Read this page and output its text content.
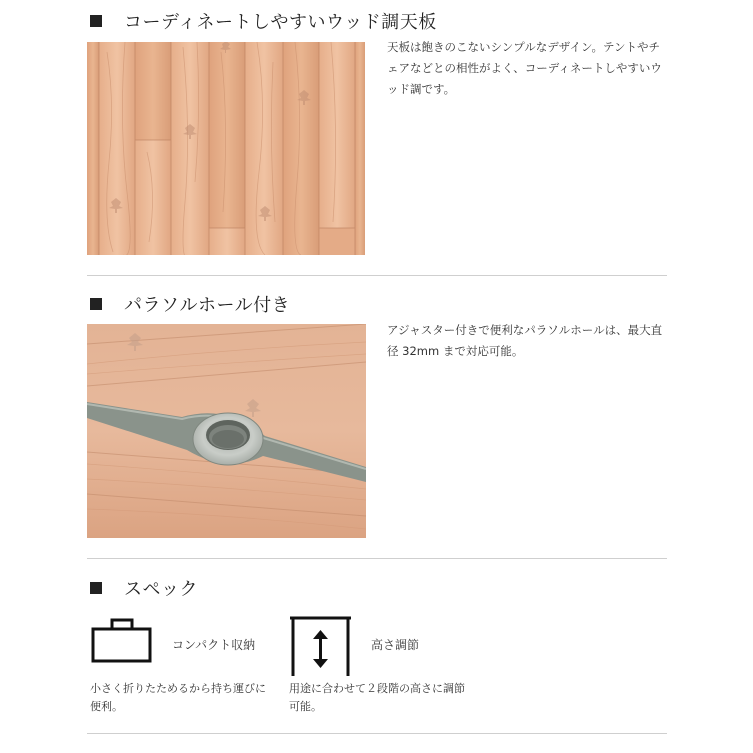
コーディネートしやすいウッド調天板

天板は飽きのこないシンプルなデザイン。テントやチェアなどとの相性がよく、コーディネートしやすいウッド調です。

パラソルホール付き

アジャスター付きで便利なパラソルホールは、最大直径 32mm まで対応可能。

スペック
コンパクト収納
小さく折りたためるから持ち運びに便利。
高さ調節
用途に合わせて２段階の高さに調節可能。
